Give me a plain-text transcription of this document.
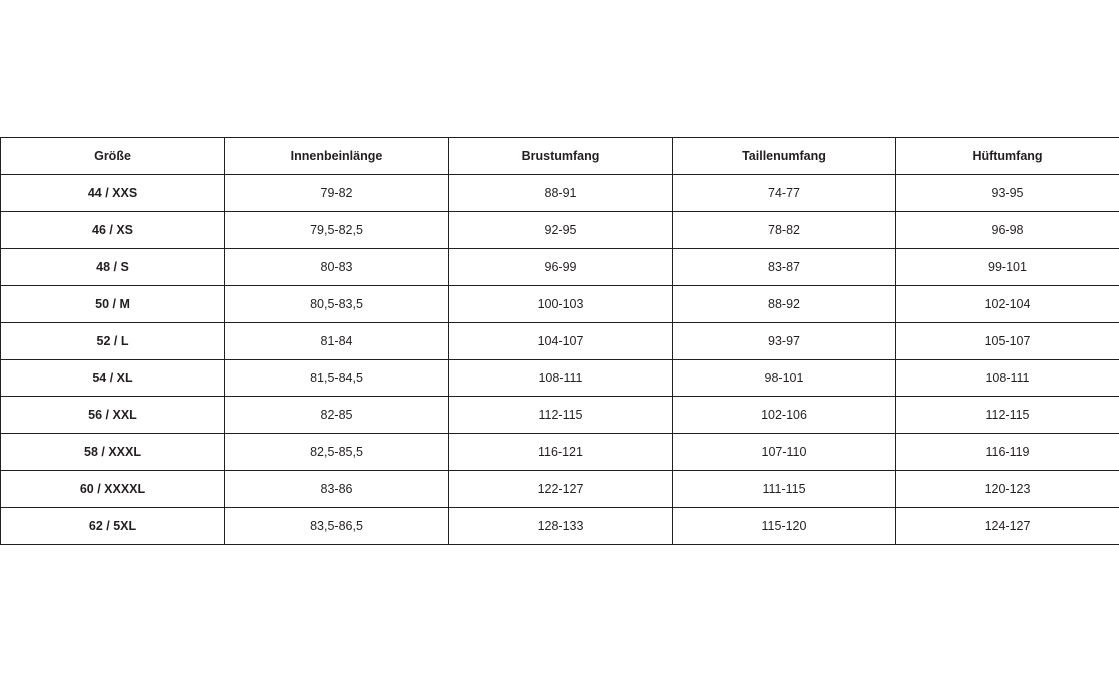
Größe	Innenbeinlänge	Brustumfang	Taillenumfang	Hüftumfang
44 / XXS	79-82	88-91	74-77	93-95
46 / XS	79,5-82,5	92-95	78-82	96-98
48 / S	80-83	96-99	83-87	99-101
50 / M	80,5-83,5	100-103	88-92	102-104
52 / L	81-84	104-107	93-97	105-107
54 / XL	81,5-84,5	108-111	98-101	108-111
56 / XXL	82-85	112-115	102-106	112-115
58 / XXXL	82,5-85,5	116-121	107-110	116-119
60 / XXXXL	83-86	122-127	111-115	120-123
62 / 5XL	83,5-86,5	128-133	115-120	124-127
